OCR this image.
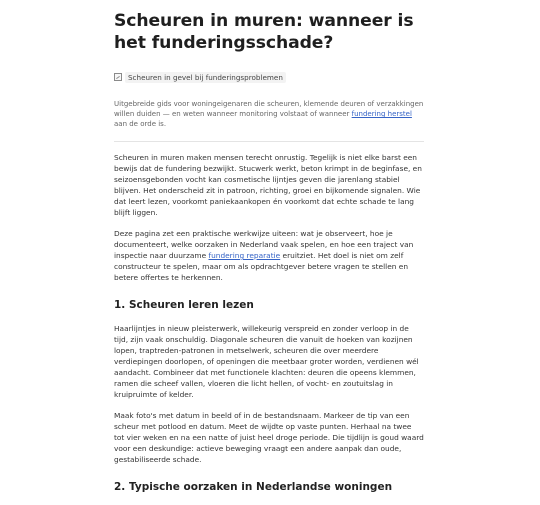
Scheuren in muren: wanneer is het funderingsschade?
Scheuren in gevel bij funderingsproblemen
Uitgebreide gids voor woningeigenaren die scheuren, klemende deuren of verzakkingen willen duiden — en weten wanneer monitoring volstaat of wanneer fundering herstel aan de orde is.

Scheuren in muren maken mensen terecht onrustig. Tegelijk is niet elke barst een bewijs dat de fundering bezwijkt. Stucwerk werkt, beton krimpt in de beginfase, en seizoensgebonden vocht kan cosmetische lijntjes geven die jarenlang stabiel blijven. Het onderscheid zit in patroon, richting, groei en bijkomende signalen. Wie dat leert lezen, voorkomt paniekaankopen én voorkomt dat echte schade te lang blijft liggen.

Deze pagina zet een praktische werkwijze uiteen: wat je observeert, hoe je documenteert, welke oorzaken in Nederland vaak spelen, en hoe een traject van inspectie naar duurzame fundering reparatie eruitziet. Het doel is niet om zelf constructeur te spelen, maar om als opdrachtgever betere vragen te stellen en betere offertes te herkennen.

1. Scheuren leren lezen

Haarlijntjes in nieuw pleisterwerk, willekeurig verspreid en zonder verloop in de tijd, zijn vaak onschuldig. Diagonale scheuren die vanuit de hoeken van kozijnen lopen, traptreden-patronen in metselwerk, scheuren die over meerdere verdiepingen doorlopen, of openingen die meetbaar groter worden, verdienen wél aandacht. Combineer dat met functionele klachten: deuren die opeens klemmen, ramen die scheef vallen, vloeren die licht hellen, of vocht- en zoutuitslag in kruipruimte of kelder.

Maak foto's met datum in beeld of in de bestandsnaam. Markeer de tip van een scheur met potlood en datum. Meet de wijdte op vaste punten. Herhaal na twee tot vier weken en na een natte of juist heel droge periode. Die tijdlijn is goud waard voor een deskundige: actieve beweging vraagt een andere aanpak dan oude, gestabiliseerde schade.

2. Typische oorzaken in Nederlandse woningen
